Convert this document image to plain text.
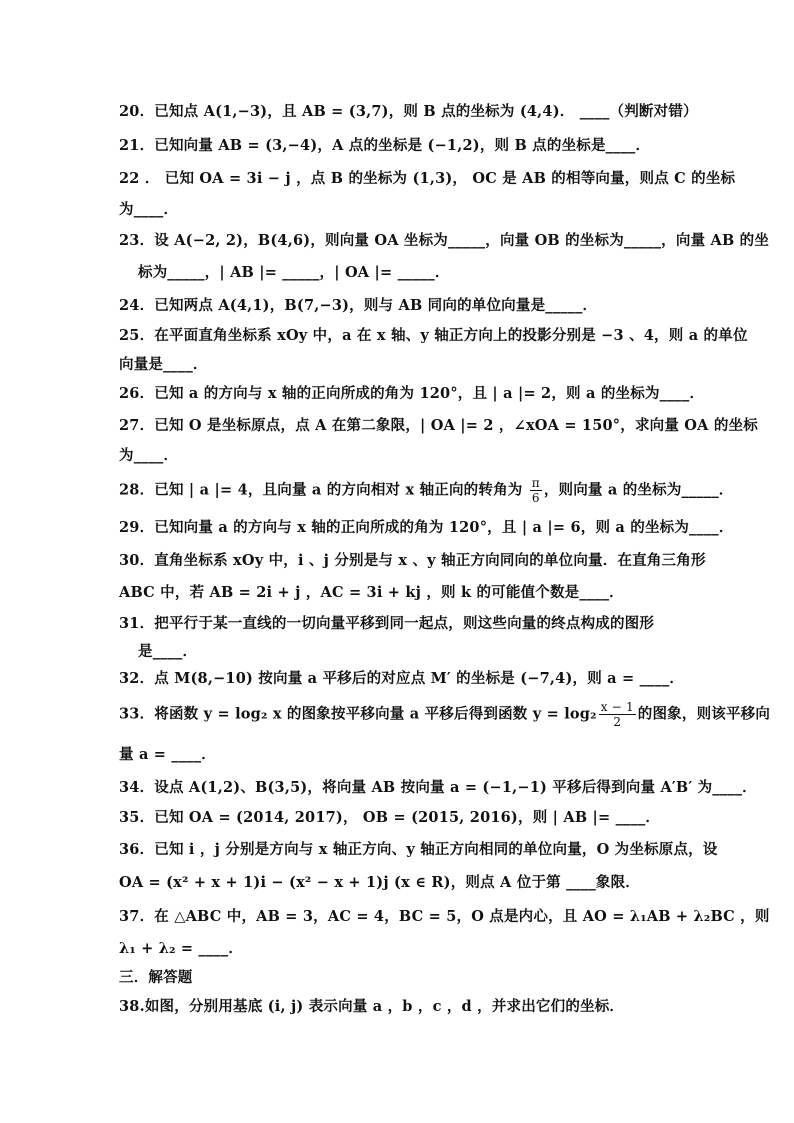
20．已知点 A(1,−3)，且 AB = (3,7)，则 B 点的坐标为 (4,4)． ____（判断对错）
21．已知向量 AB = (3,−4)，A 点的坐标是 (−1,2)，则 B 点的坐标是____．
22 ． 已知 OA = 3i − j ，点 B 的坐标为 (1,3)， OC 是 AB 的相等向量，则点 C 的坐标
为____．
23．设 A(−2, 2)，B(4,6)，则向量 OA 坐标为_____，向量 OB 的坐标为_____，向量 AB 的坐
标为_____，| AB |= _____，| OA |= _____．
24．已知两点 A(4,1)，B(7,−3)，则与 AB 同向的单位向量是_____．
25．在平面直角坐标系 xOy 中，a 在 x 轴、y 轴正方向上的投影分别是 −3 、4，则 a 的单位
向量是____．
26．已知 a 的方向与 x 轴的正向所成的角为 120°，且 | a |= 2，则 a 的坐标为____．
27．已知 O 是坐标原点，点 A 在第二象限，| OA |= 2 ，∠xOA = 150°，求向量 OA 的坐标
为____．
28．已知 | a |= 4，且向量 a 的方向相对 x 轴正向的转角为 $\frac{\pi}{6}$ ，则向量 a 的坐标为_____．
29．已知向量 a 的方向与 x 轴的正向所成的角为 120°，且 | a |= 6，则 a 的坐标为____．
30．直角坐标系 xOy 中，i 、j 分别是与 x 、y 轴正方向同向的单位向量．在直角三角形
ABC 中，若 AB = 2i + j ，AC = 3i + kj ，则 k 的可能值个数是____．
31．把平行于某一直线的一切向量平移到同一起点，则这些向量的终点构成的图形
是____．
32．点 M(8,−10) 按向量 a 平移后的对应点 M′ 的坐标是 (−7,4)，则 a = ____．
33．将函数 y = log₂ x 的图象按平移向量 a 平移后得到函数 $y = \log_2 \frac{x - 1}{2}$ 的图象，则该平移向
量 a = ____．
34．设点 A(1,2)、B(3,5)，将向量 AB 按向量 a = (−1,−1) 平移后得到向量 A′B′ 为____．
35．已知 OA = (2014, 2017)， OB = (2015, 2016)，则 | AB |= ____．
36．已知 i ，j 分别是方向与 x 轴正方向、y 轴正方向相同的单位向量，O 为坐标原点，设
OA = (x² + x + 1)i − (x² − x + 1)j (x ∈ R)，则点 A 位于第 ____象限．
37．在 △ABC 中，AB = 3，AC = 4，BC = 5，O 点是内心，且 AO = λ₁AB + λ₂BC ，则
λ₁ + λ₂ = ____．
三．解答题
38.如图，分别用基底 (i, j) 表示向量 a ，b ，c ，d ，并求出它们的坐标．
